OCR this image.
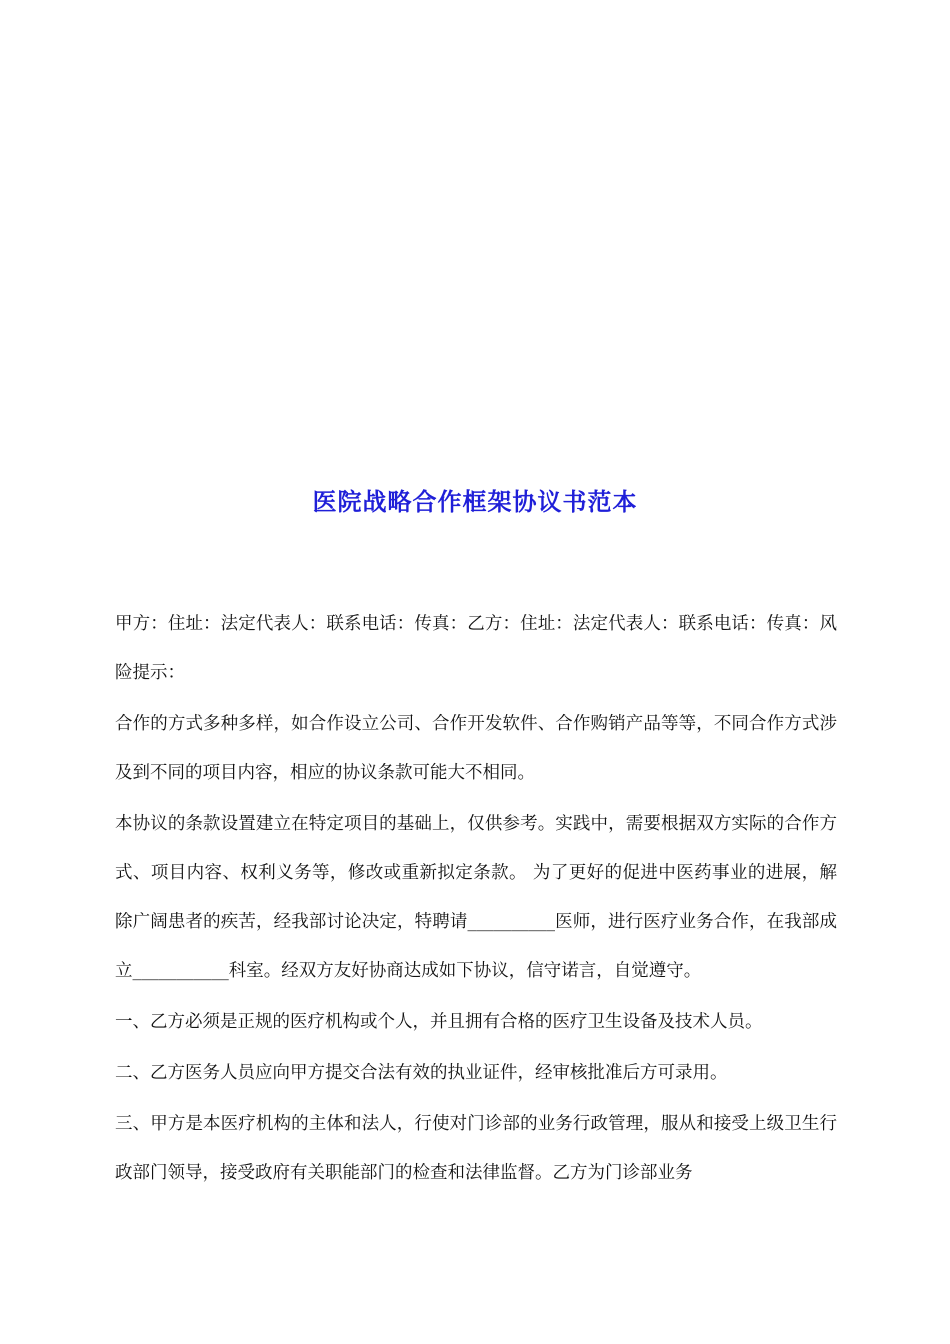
医院战略合作框架协议书范本

甲方：住址：法定代表人：联系电话：传真：乙方：住址：法定代表人：联系电话：传真：风险提示：

合作的方式多种多样，如合作设立公司、合作开发软件、合作购销产品等等，不同合作方式涉及到不同的项目内容，相应的协议条款可能大不相同。

本协议的条款设置建立在特定项目的基础上，仅供参考。实践中，需要根据双方实际的合作方式、项目内容、权利义务等，修改或重新拟定条款。 为了更好的促进中医药事业的进展，解除广阔患者的疾苦，经我部讨论决定，特聘请__________医师，进行医疗业务合作，在我部成立___________科室。经双方友好协商达成如下协议，信守诺言，自觉遵守。

一、乙方必须是正规的医疗机构或个人，并且拥有合格的医疗卫生设备及技术人员。

二、乙方医务人员应向甲方提交合法有效的执业证件，经审核批准后方可录用。

三、甲方是本医疗机构的主体和法人，行使对门诊部的业务行政管理，服从和接受上级卫生行政部门领导，接受政府有关职能部门的检查和法律监督。乙方为门诊部业务
